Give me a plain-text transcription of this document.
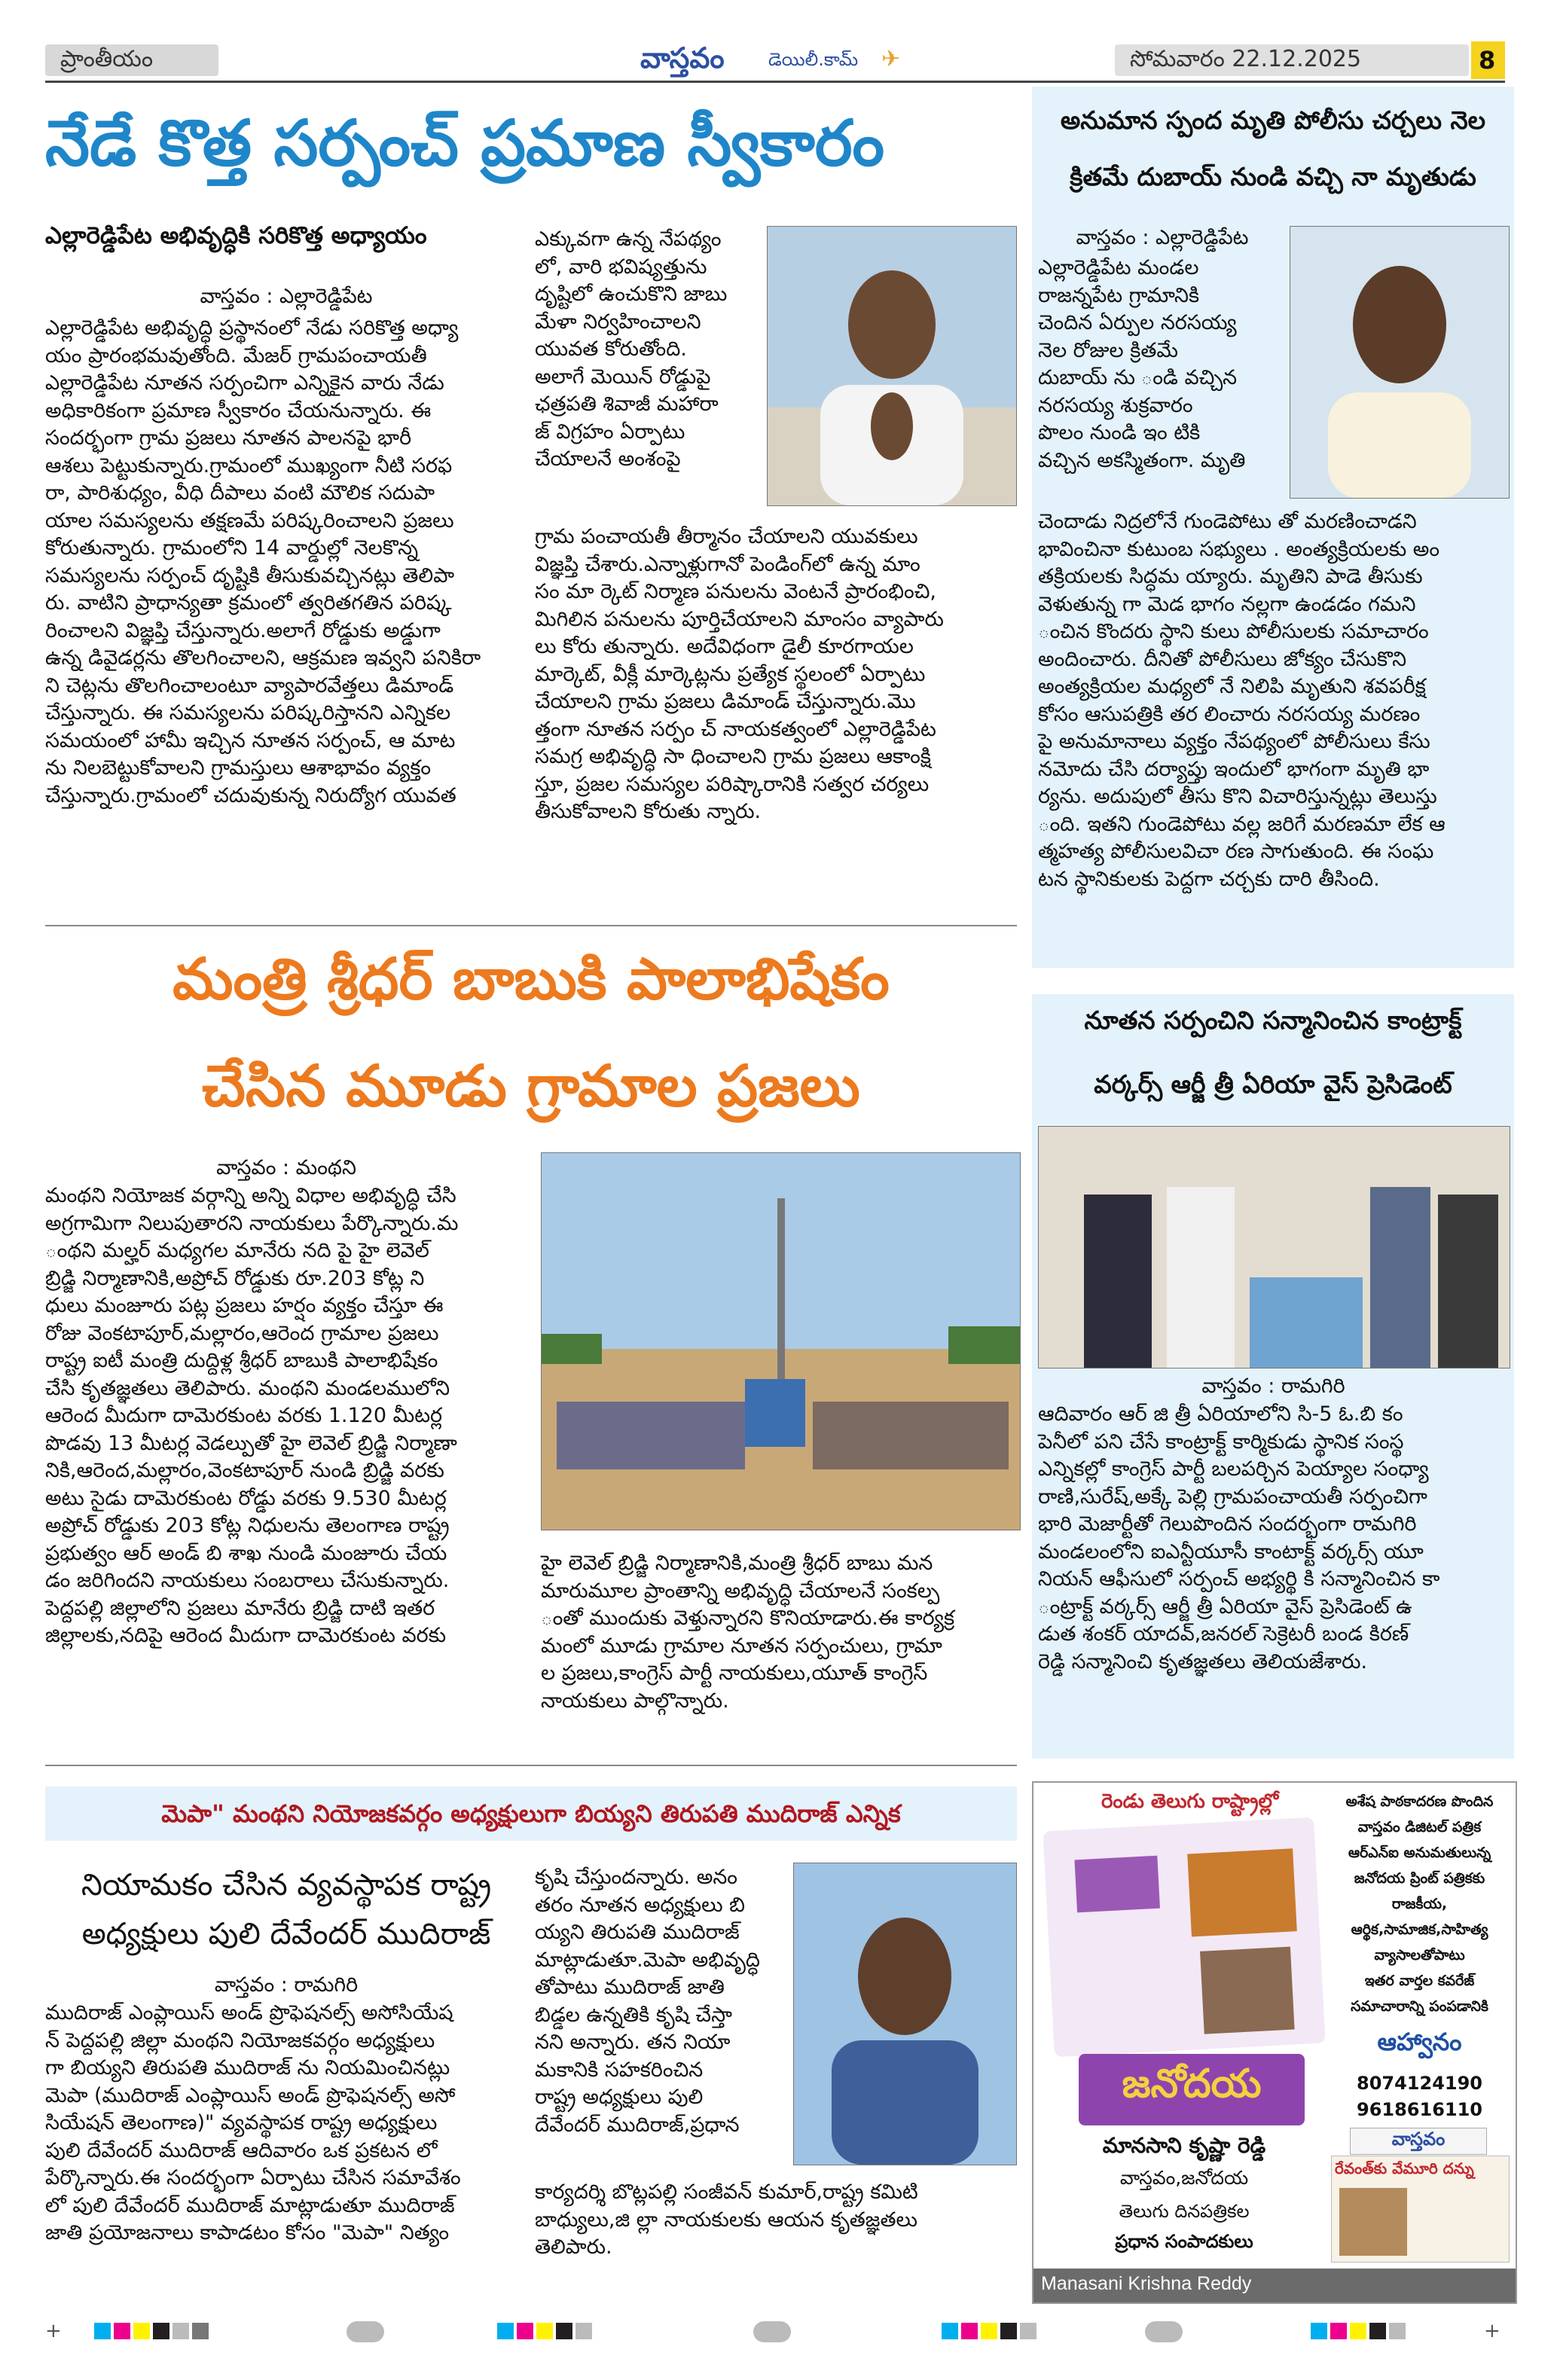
ప్రాంతీయం	వాస్తవం డెయిలీ.కామ్ ✈	సోమవారం 22.12.2025	8
నేడే కొత్త సర్పంచ్ ప్రమాణ స్వీకారం
ఎల్లారెడ్డిపేట అభివృద్ధికి సరికొత్త అధ్యాయం
వాస్తవం : ఎల్లారెడ్డిపేట
ఎల్లారెడ్డిపేట అభివృద్ధి ప్రస్థానంలో నేడు సరికొత్త అధ్యా
యం ప్రారంభమవుతోంది. మేజర్ గ్రామపంచాయతీ
ఎల్లారెడ్డిపేట నూతన సర్పంచిగా ఎన్నికైన వారు నేడు
అధికారికంగా ప్రమాణ స్వీకారం చేయనున్నారు. ఈ
సందర్భంగా గ్రామ ప్రజలు నూతన పాలనపై భారీ
ఆశలు పెట్టుకున్నారు.గ్రామంలో ముఖ్యంగా నీటి సరఫ
రా, పారిశుధ్యం, వీధి దీపాలు వంటి మౌలిక సదుపా
యాల సమస్యలను తక్షణమే పరిష్కరించాలని ప్రజలు
కోరుతున్నారు. గ్రామంలోని 14 వార్డుల్లో నెలకొన్న
సమస్యలను సర్పంచ్ దృష్టికి తీసుకువచ్చినట్లు తెలిపా
రు. వాటిని ప్రాధాన్యతా క్రమంలో త్వరితగతిన పరిష్క
రించాలని విజ్ఞప్తి చేస్తున్నారు.అలాగే రోడ్డుకు అడ్డుగా
ఉన్న డివైడర్లను తొలగించాలని, ఆక్రమణ ఇవ్వని పనికిరా
ని చెట్లను తొలగించాలంటూ వ్యాపారవేత్తలు డిమాండ్
చేస్తున్నారు. ఈ సమస్యలను పరిష్కరిస్తానని ఎన్నికల
సమయంలో హామీ ఇచ్చిన నూతన సర్పంచ్, ఆ మాట
ను నిలబెట్టుకోవాలని గ్రామస్తులు ఆశాభావం వ్యక్తం
చేస్తున్నారు.గ్రామంలో చదువుకున్న నిరుద్యోగ యువత
ఎక్కువగా ఉన్న నేపథ్యం
లో, వారి భవిష్యత్తును
దృష్టిలో ఉంచుకొని జాబు
మేళా నిర్వహించాలని
యువత కోరుతోంది.
అలాగే మెయిన్ రోడ్డుపై
ఛత్రపతి శివాజీ మహారా
జ్ విగ్రహం ఏర్పాటు
చేయాలనే అంశంపై
గ్రామ పంచాయతీ తీర్మానం చేయాలని యువకులు
విజ్ఞప్తి చేశారు.ఎన్నాళ్లుగానో పెండింగ్‌లో ఉన్న మాం
సం మా ర్కెట్ నిర్మాణ పనులను వెంటనే ప్రారంభించి,
మిగిలిన పనులను పూర్తిచేయాలని మాంసం వ్యాపారు
లు కోరు తున్నారు. అదేవిధంగా డైలీ కూరగాయల
మార్కెట్, వీక్లీ మార్కెట్లను ప్రత్యేక స్థలంలో ఏర్పాటు
చేయాలని గ్రామ ప్రజలు డిమాండ్ చేస్తున్నారు.మొ
త్తంగా నూతన సర్పం చ్ నాయకత్వంలో ఎల్లారెడ్డిపేట
సమగ్ర అభివృద్ధి సా ధించాలని గ్రామ ప్రజలు ఆకాంక్షి
స్తూ, ప్రజల సమస్యల పరిష్కారానికి సత్వర చర్యలు
తీసుకోవాలని కోరుతు న్నారు.
అనుమాన స్పంద మృతి పోలీసు చర్చలు నెల
క్రితమే దుబాయ్ నుండి వచ్చి నా మృతుడు
వాస్తవం : ఎల్లారెడ్డిపేట
ఎల్లారెడ్డిపేట మండల
రాజన్నపేట గ్రామానికి
చెందిన ఏర్పుల నరసయ్య
నెల రోజుల క్రితమే
దుబాయ్ ను ండి వచ్చిన
నరసయ్య శుక్రవారం
పొలం నుండి ఇం టికి
వచ్చిన అకస్మితంగా. మృతి
చెందాడు నిద్రలోనే గుండెపోటు తో మరణించాడని
భావించినా కుటుంబ సభ్యులు . అంత్యక్రియలకు అం
తక్రియలకు సిద్ధమ య్యారు. మృతిని పాడె తీసుకు
వెళుతున్న గా మెడ భాగం నల్లగా ఉండడం గమని
ంచిన కొందరు స్థాని కులు పోలీసులకు సమాచారం
అందించారు. దీనితో పోలీసులు జోక్యం చేసుకొని
అంత్యక్రియల మధ్యలో నే నిలిపి మృతుని శవపరీక్ష
కోసం ఆసుపత్రికి తర లించారు నరసయ్య మరణం
పై అనుమానాలు వ్యక్తం నేపథ్యంలో పోలీసులు కేసు
నమోదు చేసి దర్యాప్తు ఇందులో భాగంగా మృతి భా
ర్యను. అదుపులో తీసు కొని విచారిస్తున్నట్లు తెలుస్తు
ంది. ఇతని గుండెపోటు వల్ల జరిగే మరణమా లేక ఆ
త్మహత్య పోలీసులవిచా రణ సాగుతుంది. ఈ సంఘ
టన స్థానికులకు పెద్దగా చర్చకు దారి తీసింది.
మంత్రి శ్రీధర్ బాబుకి పాలాభిషేకం
చేసిన మూడు గ్రామాల ప్రజలు
వాస్తవం : మంథని
మంథని నియోజక వర్గాన్ని అన్ని విధాల అభివృద్ధి చేసి
అగ్రగామిగా నిలుపుతారని నాయకులు పేర్కొన్నారు.మ
ంథని మల్హర్ మధ్యగల మానేరు నది పై హై లెవెల్
బ్రిడ్జి నిర్మాణానికి,అప్రోచ్ రోడ్డుకు రూ.203 కోట్ల ని
ధులు మంజూరు పట్ల ప్రజలు హర్షం వ్యక్తం చేస్తూ ఈ
రోజు వెంకటాపూర్,మల్లారం,ఆరెంద గ్రామాల ప్రజలు
రాష్ట్ర ఐటీ మంత్రి దుద్దిళ్ల శ్రీధర్ బాబుకి పాలాభిషేకం
చేసి కృతజ్ఞతలు తెలిపారు. మంథని మండలములోని
ఆరెంద మీదుగా దామెరకుంట వరకు 1.120 మీటర్ల
పొడవు 13 మీటర్ల వెడల్పుతో హై లెవెల్ బ్రిడ్జి నిర్మాణా
నికి,ఆరెంద,మల్లారం,వెంకటాపూర్ నుండి బ్రిడ్జి వరకు
అటు సైడు దామెరకుంట రోడ్డు వరకు 9.530 మీటర్ల
అప్రోచ్ రోడ్డుకు 203 కోట్ల నిధులను తెలంగాణ రాష్ట్ర
ప్రభుత్వం ఆర్ అండ్ బి శాఖ నుండి మంజూరు చేయ
డం జరిగిందని నాయకులు సంబరాలు చేసుకున్నారు.
పెద్దపల్లి జిల్లాలోని ప్రజలు మానేరు బ్రిడ్జి దాటి ఇతర
జిల్లాలకు,నదిపై ఆరెంద మీదుగా దామెరకుంట వరకు
హై లెవెల్ బ్రిడ్జి నిర్మాణానికి,మంత్రి శ్రీధర్ బాబు మన
మారుమూల ప్రాంతాన్ని అభివృద్ధి చేయాలనే సంకల్ప
ంతో ముందుకు వెళ్తున్నారని కొనియాడారు.ఈ కార్యక్ర
మంలో మూడు గ్రామాల నూతన సర్పంచులు, గ్రామా
ల ప్రజలు,కాంగ్రెస్ పార్టీ నాయకులు,యూత్ కాంగ్రెస్
నాయకులు పాల్గొన్నారు.
నూతన సర్పంచిని సన్మానించిన కాంట్రాక్ట్
వర్కర్స్ ఆర్జీ త్రీ ఏరియా వైస్ ప్రెసిడెంట్
వాస్తవం : రామగిరి
ఆదివారం ఆర్ జి త్రీ ఏరియాలోని సి-5 ఓ.బి కం
పెనీలో పని చేసే కాంట్రాక్ట్ కార్మికుడు స్థానిక సంస్థ
ఎన్నికల్లో కాంగ్రెస్ పార్టీ బలపర్చిన పెయ్యాల సంధ్యా
రాణి,సురేష్,అక్కే పెల్లి గ్రామపంచాయతీ సర్పంచిగా
భారి మెజార్టీతో గెలుపొందిన సందర్భంగా రామగిరి
మండలంలోని ఐఎన్టీయూసీ కాంటాక్ట్ వర్కర్స్ యూ
నియన్ ఆఫీసులో సర్పంచ్ అభ్యర్థి కి సన్మానించిన కా
ంట్రాక్ట్ వర్కర్స్ ఆర్జీ త్రీ ఏరియా వైస్ ప్రెసిడెంట్ ఉ
డుత శంకర్ యాదవ్,జనరల్ సెక్రెటరీ బండ కిరణ్
రెడ్డి సన్మానించి కృతజ్ఞతలు తెలియజేశారు.
మెపా" మంథని నియోజకవర్గం అధ్యక్షులుగా బియ్యని తిరుపతి ముదిరాజ్ ఎన్నిక
నియామకం చేసిన వ్యవస్థాపక రాష్ట్ర
అధ్యక్షులు పులి దేవేందర్ ముదిరాజ్
వాస్తవం : రామగిరి
ముదిరాజ్ ఎంప్లాయిస్ అండ్ ప్రొఫెషనల్స్ అసోసియేష
న్ పెద్దపల్లి జిల్లా మంథని నియోజకవర్గం అధ్యక్షులు
గా బియ్యని తిరుపతి ముదిరాజ్ ను నియమించినట్లు
మెపా (ముదిరాజ్ ఎంప్లాయిస్ అండ్ ప్రొఫెషనల్స్ అసో
సియేషన్ తెలంగాణ)" వ్యవస్థాపక రాష్ట్ర అధ్యక్షులు
పులి దేవేందర్ ముదిరాజ్ ఆదివారం ఒక ప్రకటన లో
పేర్కొన్నారు.ఈ సందర్భంగా ఏర్పాటు చేసిన సమావేశం
లో పులి దేవేందర్ ముదిరాజ్ మాట్లాడుతూ ముదిరాజ్
జాతి ప్రయోజనాలు కాపాడటం కోసం "మెపా" నిత్యం
కృషి చేస్తుందన్నారు. అనం
తరం నూతన అధ్యక్షులు బి
య్యని తిరుపతి ముదిరాజ్
మాట్లాడుతూ.మెపా అభివృద్ధి
తోపాటు ముదిరాజ్ జాతి
బిడ్డల ఉన్నతికి కృషి చేస్తా
నని అన్నారు. తన నియా
మకానికి సహకరించిన
రాష్ట్ర అధ్యక్షులు పులి
దేవేందర్ ముదిరాజ్,ప్రధాన
కార్యదర్శి బొట్లపల్లి సంజీవన్ కుమార్,రాష్ట్ర కమిటి
బాధ్యులు,జి ల్లా నాయకులకు ఆయన కృతజ్ఞతలు
తెలిపారు.
రెండు తెలుగు రాష్ట్రాల్లో	అశేష పాఠకాదరణ పొందిన
వాస్తవం డిజిటల్ పత్రిక
ఆర్ఎన్ఐ అనుమతులున్న
జనోదయ ప్రింట్ పత్రికకు
రాజకీయ,
ఆర్థిక,సామాజిక,సాహిత్య
వ్యాసాలతోపాటు
ఇతర వార్తల కవరేజ్
సమాచారాన్ని పంపడానికి
ఆహ్వానం
8074124190
9618616110
జనోదయ
వాస్తవం
మానసాని కృష్ణా రెడ్డి
వాస్తవం,జనోదయ
తెలుగు దినపత్రికల
ప్రధాన సంపాదకులు
రేవంత్‌కు వేమూరి దన్ను
Manasani Krishna Reddy
+	+
